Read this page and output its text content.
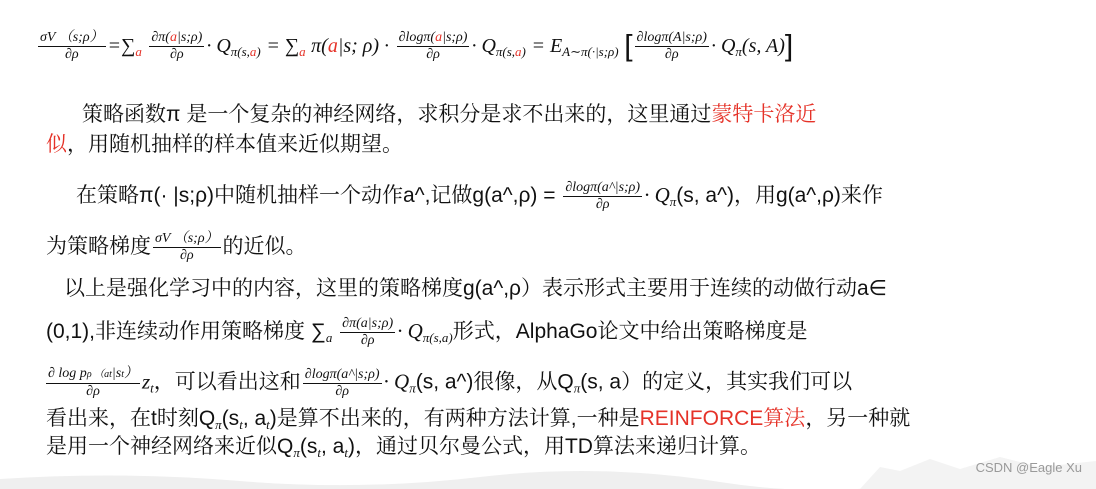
$\frac{\sigma V (s;\rho)}{\partial\rho} =\sum_a \frac{\partial\pi(a|s;\rho)}{\partial\rho} \cdot Q_{\pi(s,a)} = \sum_a$ π(a|s; $\rho) \cdot \frac{\partial\log\pi(a|s;\rho)}{\partial\rho} \cdot Q_{\pi(s,a)} = E_{A\sim\pi(\cdot|s;\rho)}$ [ $\frac{\partial\log\pi(A|s;\rho)}{\partial\rho} \cdot Q_\pi(s$, A)]
策略函数π 是一个复杂的神经网络，求积分是求不出来的，这里通过蒙特卡洛近
似，用随机抽样的样本值来近似期望。
在策略π(· |s;ρ)中随机抽样一个动作a^,记做g(a^,ρ) = $\frac{\partial\log\pi(a\^{}|s;\rho)}{\partial\rho} \cdot Q_\pi(s$, a^)，用g(a^,ρ)来作
为策略梯度 $\frac{\sigma V (s;\rho)}{\partial\rho}$ 的近似。
以上是强化学习中的内容，这里的策略梯度g(a^,ρ）表示形式主要用于连续的动做行动a∈
(0,1),非连续动作用策略梯度 $\sum_a \frac{\partial\pi(a|s;\rho)}{\partial\rho} \cdot Q_{\pi(s,a)}$形式，AlphaGo论文中给出策略梯度是
$\frac{\text{∂ log pρ （at|st）}}{\partial\rho} z_t$，可以看出这和 $\frac{\partial\log\pi(a\^{}|s;\rho)}{\partial\rho} \cdot Q_\pi(s$, a^)很像，从$Q_\pi(s$, a）的定义，其实我们可以
看出来，在t时刻$Q_\pi(s_t$, $a_t$)是算不出来的，有两种方法计算,一种是REINFORCE算法，另一种就
是用一个神经网络来近似$Q_\pi(s_t$, $a_t$)，通过贝尔曼公式，用TD算法来递归计算。
CSDN @Eagle Xu
